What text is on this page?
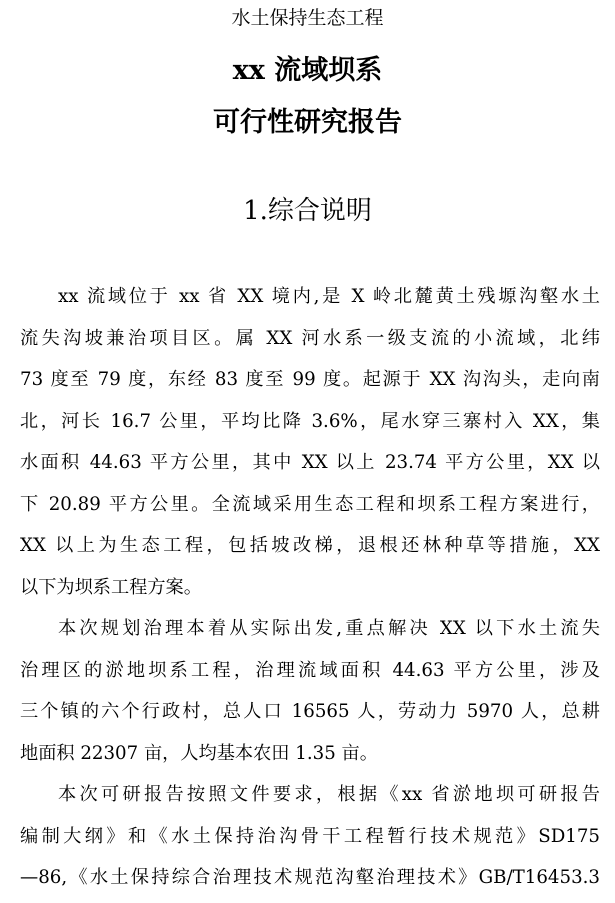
水土保持生态工程
xx 流域坝系
可行性研究报告
1.综合说明
xx 流域位于 xx 省 XX 境内,是 X 岭北麓黄土残塬沟壑水土
流失沟坡兼治项目区。属 XX 河水系一级支流的小流域，北纬
73 度至 79 度，东经 83 度至 99 度。起源于 XX 沟沟头，走向南
北，河长 16.7 公里，平均比降 3.6%，尾水穿三寨村入 XX，集
水面积 44.63 平方公里，其中 XX 以上 23.74 平方公里，XX 以
下 20.89 平方公里。全流域采用生态工程和坝系工程方案进行，
XX 以上为生态工程，包括坡改梯，退根还林种草等措施，XX
以下为坝系工程方案。
本次规划治理本着从实际出发,重点解决 XX 以下水土流失
治理区的淤地坝系工程，治理流域面积 44.63 平方公里，涉及
三个镇的六个行政村，总人口 16565 人，劳动力 5970 人，总耕
地面积 22307 亩，人均基本农田 1.35 亩。
本次可研报告按照文件要求，根据《xx 省淤地坝可研报告
编制大纲》和《水土保持治沟骨干工程暂行技术规范》SD175
—86,《水土保持综合治理技术规范沟壑治理技术》GB/T16453.3
